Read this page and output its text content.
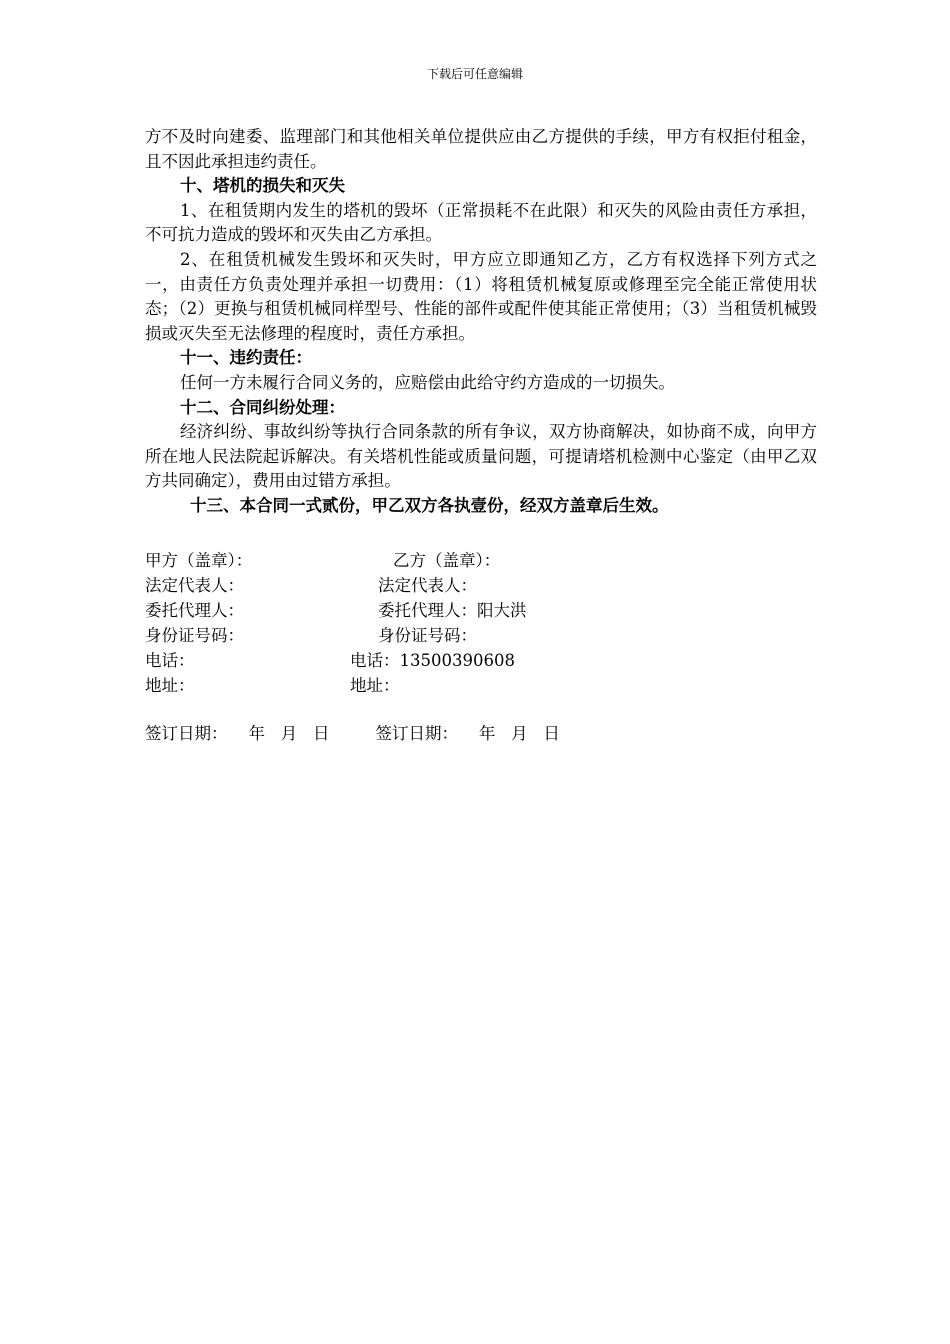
下载后可任意编辑

方不及时向建委、监理部门和其他相关单位提供应由乙方提供的手续，甲方有权拒付租金，且不因此承担违约责任。

十、塔机的损失和灭失

1、在租赁期内发生的塔机的毁坏（正常损耗不在此限）和灭失的风险由责任方承担，不可抗力造成的毁坏和灭失由乙方承担。

2、在租赁机械发生毁坏和灭失时，甲方应立即通知乙方，乙方有权选择下列方式之一，由责任方负责处理并承担一切费用：（1）将租赁机械复原或修理至完全能正常使用状态；（2）更换与租赁机械同样型号、性能的部件或配件使其能正常使用；（3）当租赁机械毁损或灭失至无法修理的程度时，责任方承担。

十一、违约责任：

任何一方未履行合同义务的，应赔偿由此给守约方造成的一切损失。

十二、合同纠纷处理：

经济纠纷、事故纠纷等执行合同条款的所有争议，双方协商解决，如协商不成，向甲方所在地人民法院起诉解决。有关塔机性能或质量问题，可提请塔机检测中心鉴定（由甲乙双方共同确定），费用由过错方承担。

十三、本合同一式贰份，甲乙双方各执壹份，经双方盖章后生效。

甲方（盖章）：	乙方（盖章）：
法定代表人：	法定代表人：
委托代理人：	委托代理人：阳大洪
身份证号码：	身份证号码：
电话：	电话：13500390608
地址：	地址：
签订日期：    年   月   日	签订日期：    年   月   日
